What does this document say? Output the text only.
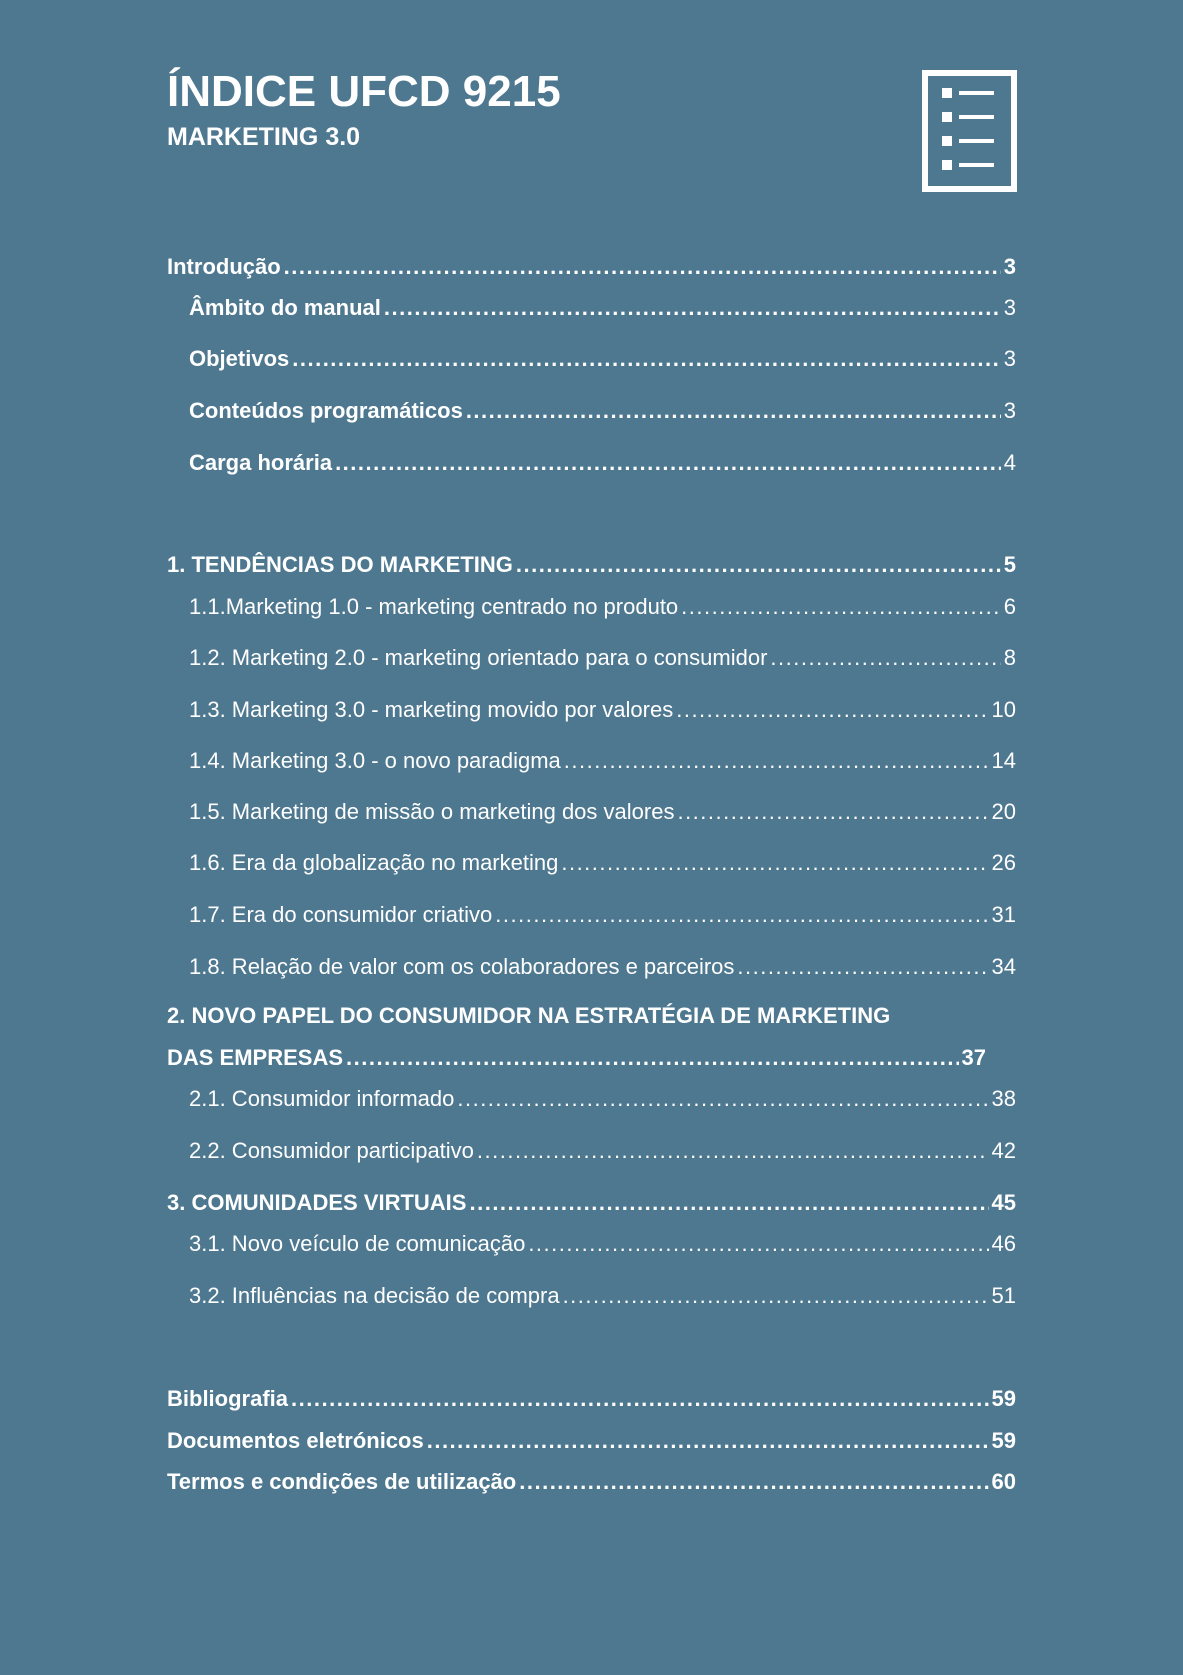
ÍNDICE UFCD 9215
MARKETING 3.0
Introdução .....	3
Âmbito do manual .....	3
Objetivos .....	3
Conteúdos programáticos .....	3
Carga horária .....	4
1. TENDÊNCIAS DO MARKETING .....	5
1.1.Marketing 1.0 - marketing centrado no produto .....	6
1.2. Marketing 2.0 - marketing orientado para o consumidor .....	8
1.3. Marketing 3.0 - marketing movido por valores .....	10
1.4. Marketing 3.0 - o novo paradigma .....	14
1.5. Marketing de missão o marketing dos valores .....	20
1.6. Era da globalização no marketing .....	26
1.7. Era do consumidor criativo .....	31
1.8. Relação de valor com os colaboradores e parceiros .....	34
2. NOVO PAPEL DO CONSUMIDOR NA ESTRATÉGIA DE MARKETING
DAS EMPRESAS .....	37
2.1. Consumidor informado .....	38
2.2. Consumidor participativo .....	42
3. COMUNIDADES VIRTUAIS .....	45
3.1. Novo veículo de comunicação .....	46
3.2. Influências na decisão de compra .....	51
Bibliografia .....	59
Documentos eletrónicos .....	59
Termos e condições de utilização .....	60
